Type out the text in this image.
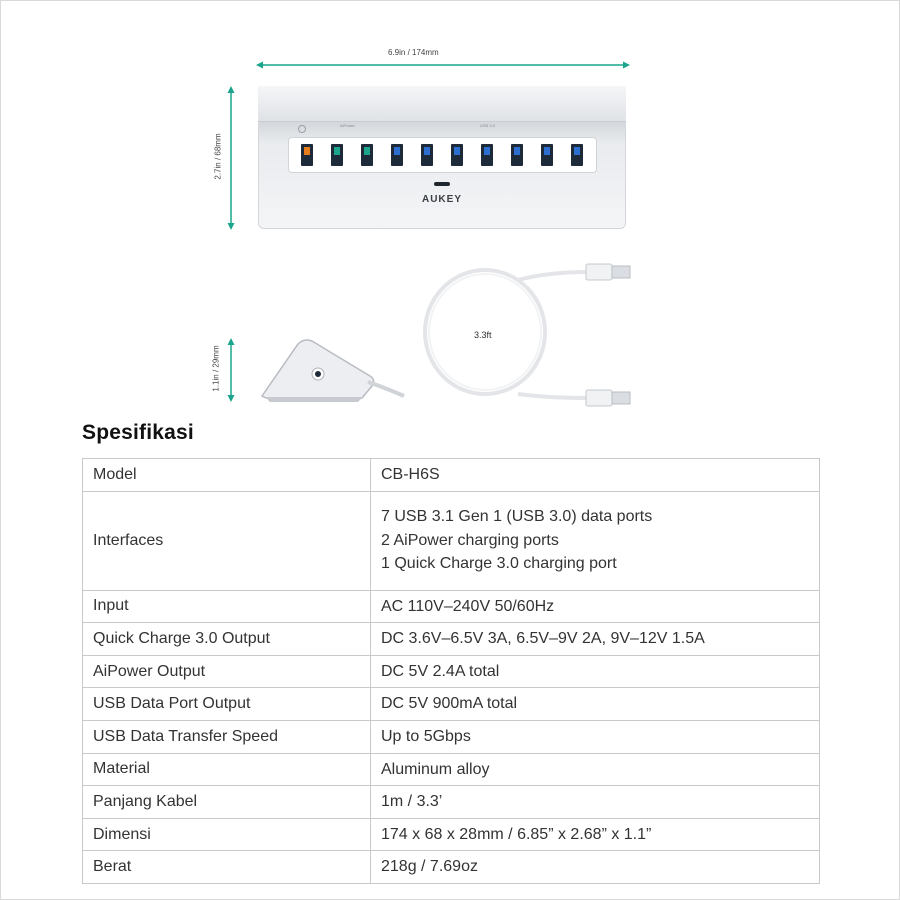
6.9in / 174mm
2.7in / 68mm
AiPower	USB 3.0
AUKEY
1.1in / 29mm
3.3ft
Spesifikasi
Model	CB-H6S

Interfaces	7 USB 3.1 Gen 1 (USB 3.0) data ports
2 AiPower charging ports
1 Quick Charge 3.0 charging port

Input	AC 110V–240V 50/60Hz

Quick Charge 3.0 Output	DC 3.6V–6.5V 3A, 6.5V–9V 2A, 9V–12V 1.5A

AiPower Output	DC 5V 2.4A total

USB Data Port Output	DC 5V 900mA total

USB Data Transfer Speed	Up to 5Gbps

Material	Aluminum alloy

Panjang Kabel	1m / 3.3’

Dimensi	174 x 68 x 28mm / 6.85” x 2.68” x 1.1”

Berat	218g / 7.69oz
